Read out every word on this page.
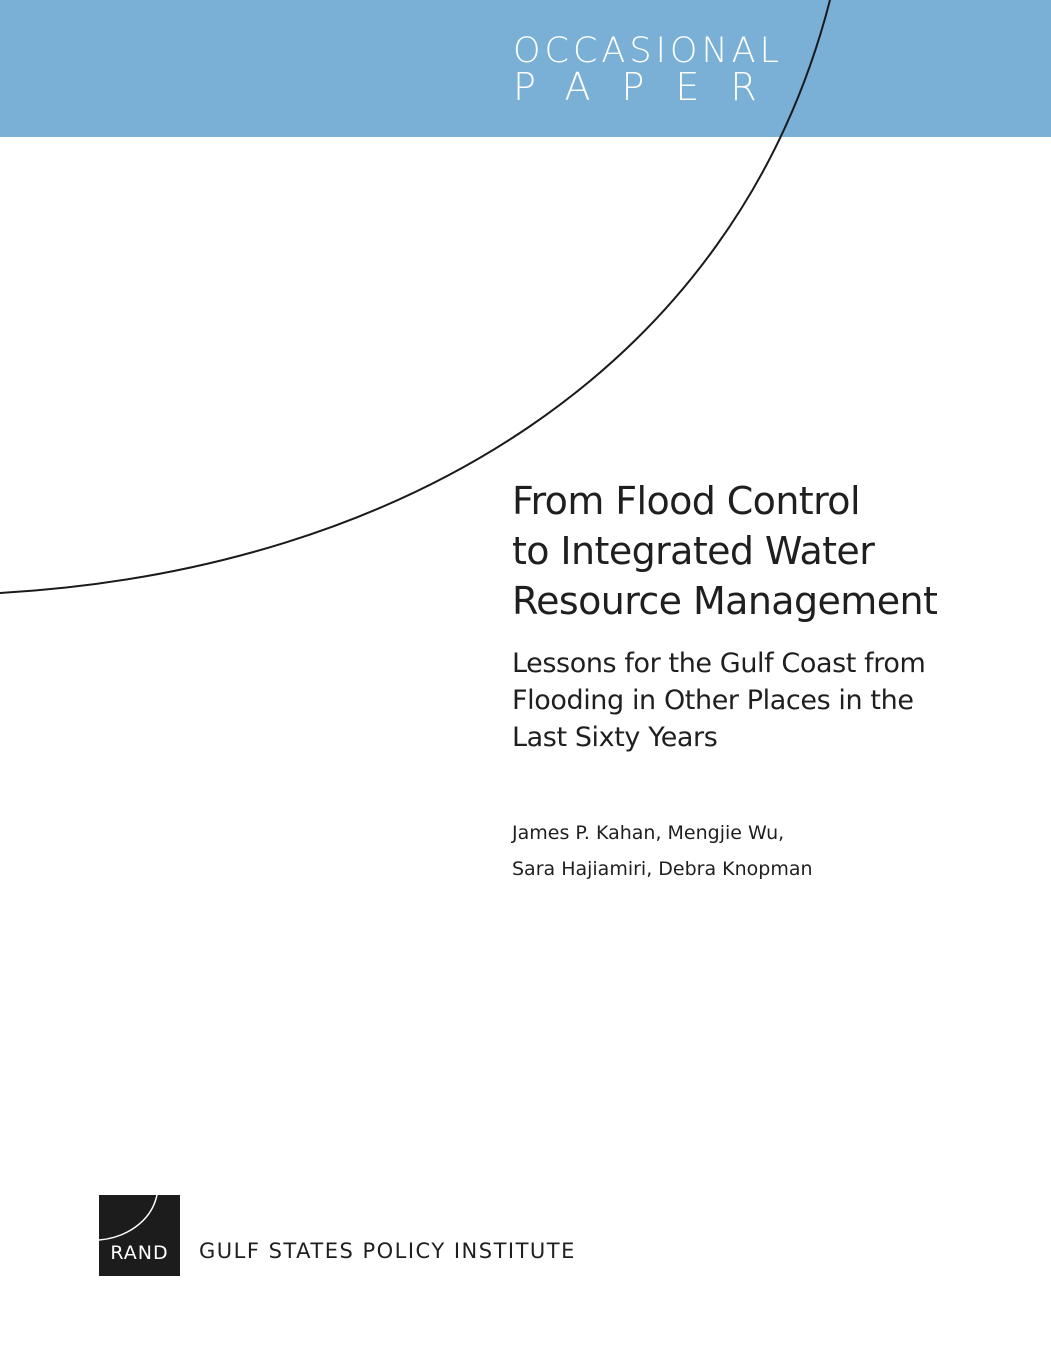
OCCASIONAL
PAPER
From Flood Control
to Integrated Water
Resource Management
Lessons for the Gulf Coast from
Flooding in Other Places in the
Last Sixty Years
James P. Kahan, Mengjie Wu,
Sara Hajiamiri, Debra Knopman
RAND	GULF STATES POLICY INSTITUTE
